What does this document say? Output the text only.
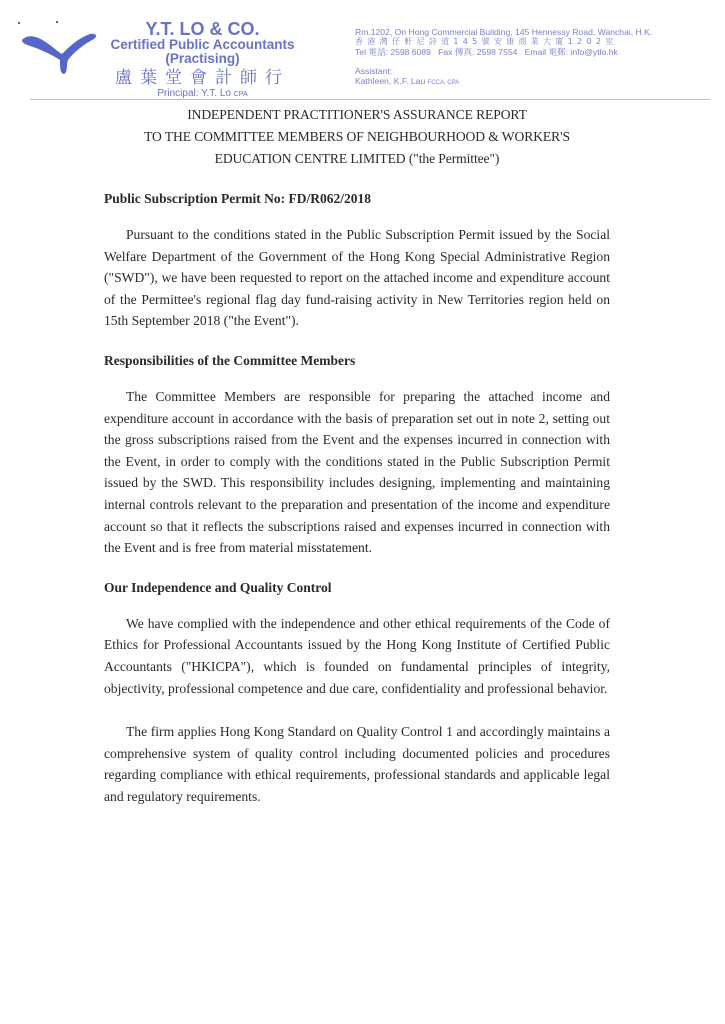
Y.T. LO & CO.
Certified Public Accountants
(Practising)
盧葉堂會計師行
Principal: Y.T. Lo CPA
Rm.1202, On Hong Commercial Building, 145 Hennessy Road, Wanchai, H.K.
香港灣仔軒尼詩道145號安康商業大廈1202室
Tel 電話: 2598 6089   Fax 傳真: 2598 7554   Email 電郵: info@ytlo.hk
Assistant:
Kathleen, K.F. Lau FCCA, CPA
INDEPENDENT PRACTITIONER'S ASSURANCE REPORT
TO THE COMMITTEE MEMBERS OF NEIGHBOURHOOD & WORKER'S
EDUCATION CENTRE LIMITED ("the Permittee")
Public Subscription Permit No: FD/R062/2018
Pursuant to the conditions stated in the Public Subscription Permit issued by the Social Welfare Department of the Government of the Hong Kong Special Administrative Region ("SWD"), we have been requested to report on the attached income and expenditure account of the Permittee's regional flag day fund-raising activity in New Territories region held on 15th September 2018 ("the Event").
Responsibilities of the Committee Members
The Committee Members are responsible for preparing the attached income and expenditure account in accordance with the basis of preparation set out in note 2, setting out the gross subscriptions raised from the Event and the expenses incurred in connection with the Event, in order to comply with the conditions stated in the Public Subscription Permit issued by the SWD. This responsibility includes designing, implementing and maintaining internal controls relevant to the preparation and presentation of the income and expenditure account so that it reflects the subscriptions raised and expenses incurred in connection with the Event and is free from material misstatement.
Our Independence and Quality Control
We have complied with the independence and other ethical requirements of the Code of Ethics for Professional Accountants issued by the Hong Kong Institute of Certified Public Accountants ("HKICPA"), which is founded on fundamental principles of integrity, objectivity, professional competence and due care, confidentiality and professional behavior.
The firm applies Hong Kong Standard on Quality Control 1 and accordingly maintains a comprehensive system of quality control including documented policies and procedures regarding compliance with ethical requirements, professional standards and applicable legal and regulatory requirements.
